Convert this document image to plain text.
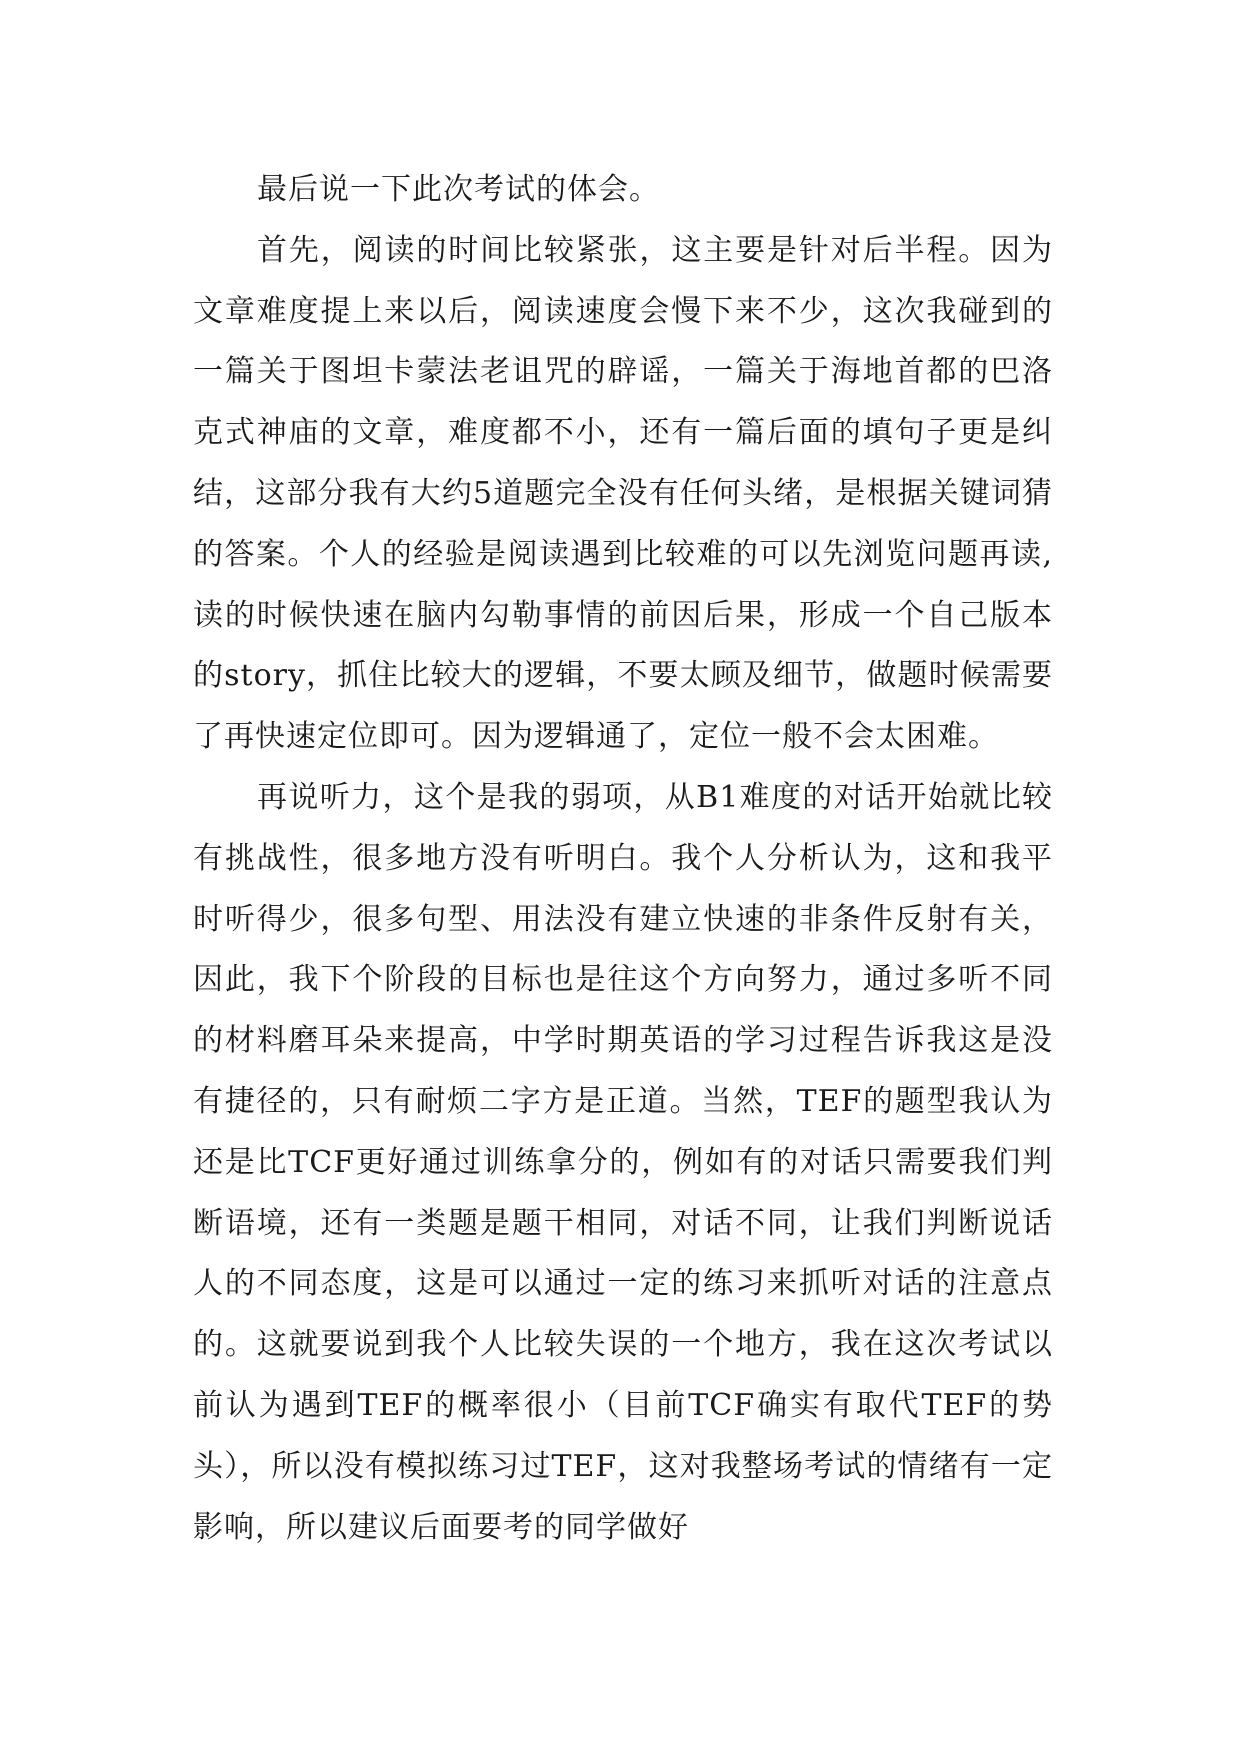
最后说一下此次考试的体会。

首先，阅读的时间比较紧张，这主要是针对后半程。因为文章难度提上来以后，阅读速度会慢下来不少，这次我碰到的一篇关于图坦卡蒙法老诅咒的辟谣，一篇关于海地首都的巴洛克式神庙的文章，难度都不小，还有一篇后面的填句子更是纠结，这部分我有大约5道题完全没有任何头绪，是根据关键词猜的答案。个人的经验是阅读遇到比较难的可以先浏览问题再读,读的时候快速在脑内勾勒事情的前因后果，形成一个自己版本的story，抓住比较大的逻辑，不要太顾及细节，做题时候需要了再快速定位即可。因为逻辑通了，定位一般不会太困难。

再说听力，这个是我的弱项，从B1难度的对话开始就比较有挑战性，很多地方没有听明白。我个人分析认为，这和我平时听得少，很多句型、用法没有建立快速的非条件反射有关，因此，我下个阶段的目标也是往这个方向努力，通过多听不同的材料磨耳朵来提高，中学时期英语的学习过程告诉我这是没有捷径的，只有耐烦二字方是正道。当然，TEF的题型我认为还是比TCF更好通过训练拿分的，例如有的对话只需要我们判断语境，还有一类题是题干相同，对话不同，让我们判断说话人的不同态度，这是可以通过一定的练习来抓听对话的注意点的。这就要说到我个人比较失误的一个地方，我在这次考试以前认为遇到TEF的概率很小（目前TCF确实有取代TEF的势头），所以没有模拟练习过TEF，这对我整场考试的情绪有一定影响，所以建议后面要考的同学做好
